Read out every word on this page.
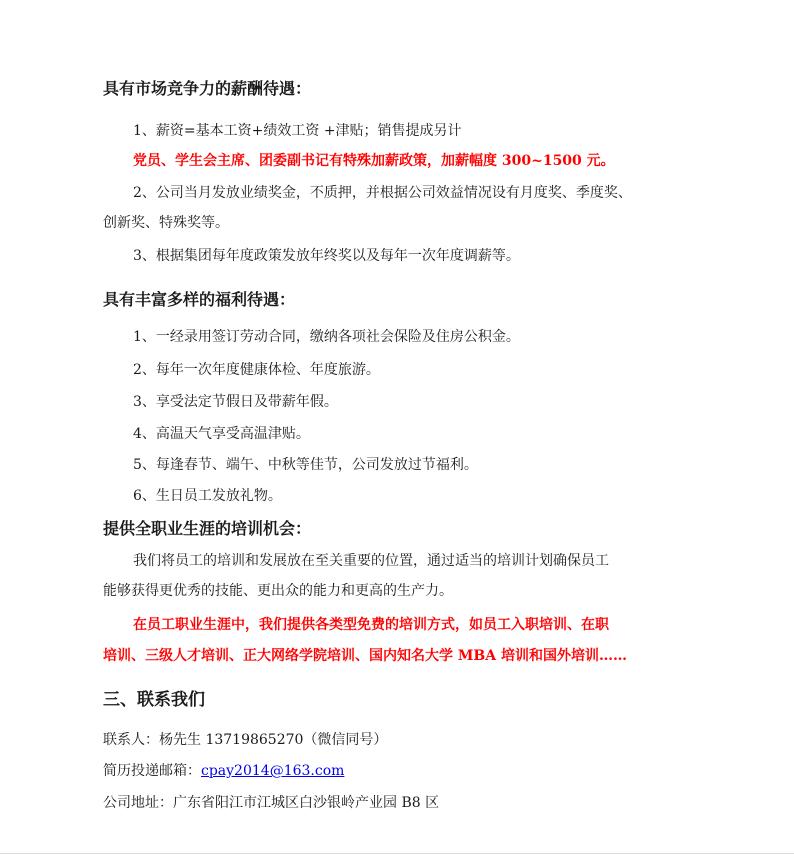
具有市场竞争力的薪酬待遇：
1、薪资=基本工资+绩效工资 +津贴；销售提成另计
党员、学生会主席、团委副书记有特殊加薪政策，加薪幅度 300~1500 元。
2、公司当月发放业绩奖金，不质押，并根据公司效益情况设有月度奖、季度奖、
创新奖、特殊奖等。
3、根据集团每年度政策发放年终奖以及每年一次年度调薪等。
具有丰富多样的福利待遇：
1、一经录用签订劳动合同，缴纳各项社会保险及住房公积金。
2、每年一次年度健康体检、年度旅游。
3、享受法定节假日及带薪年假。
4、高温天气享受高温津贴。
5、每逢春节、端午、中秋等佳节，公司发放过节福利。
6、生日员工发放礼物。
提供全职业生涯的培训机会：
我们将员工的培训和发展放在至关重要的位置，通过适当的培训计划确保员工
能够获得更优秀的技能、更出众的能力和更高的生产力。
在员工职业生涯中，我们提供各类型免费的培训方式，如员工入职培训、在职
培训、三级人才培训、正大网络学院培训、国内知名大学 MBA 培训和国外培训……
三、联系我们
联系人：杨先生 13719865270（微信同号）
简历投递邮箱：cpay2014@163.com
公司地址：广东省阳江市江城区白沙银岭产业园 B8 区
